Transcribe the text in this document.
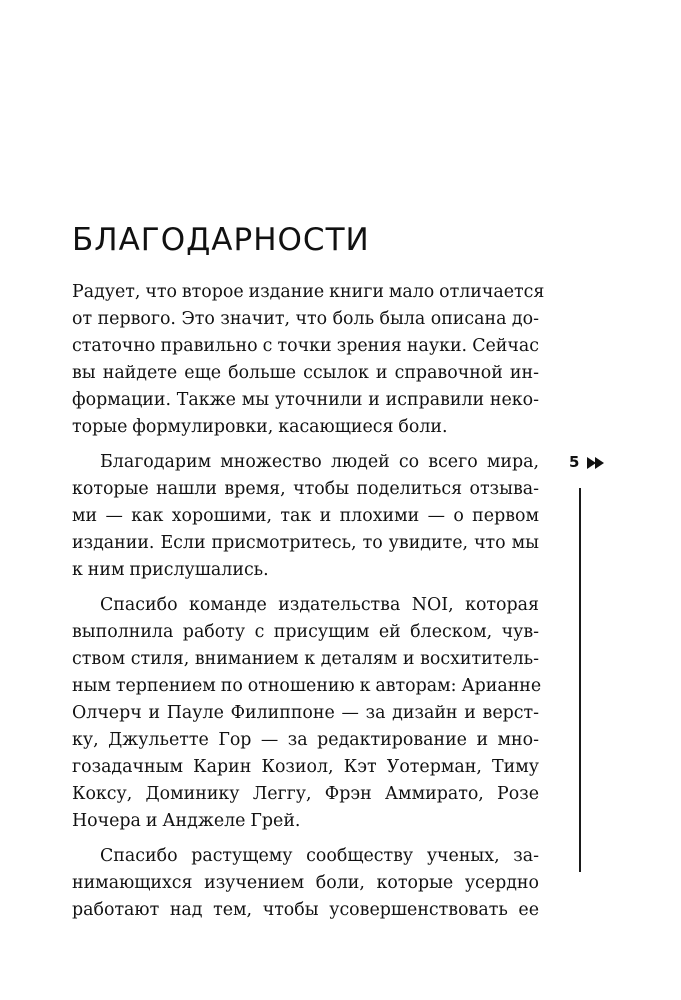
БЛАГОДАРНОСТИ
Радует, что второе издание книги мало отличается
от первого. Это значит, что боль была описана до-
статочно правильно с точки зрения науки. Сейчас
вы найдете еще больше ссылок и справочной ин-
формации. Также мы уточнили и исправили неко-
торые формулировки, касающиеся боли.
Благодарим множество людей со всего мира,
которые нашли время, чтобы поделиться отзыва-
ми — как хорошими, так и плохими — о первом
издании. Если присмотритесь, то увидите, что мы
к ним прислушались.
Спасибо команде издательства NOI, которая
выполнила работу с присущим ей блеском, чув-
ством стиля, вниманием к деталям и восхититель-
ным терпением по отношению к авторам: Арианне
Олчерч и Пауле Филиппоне — за дизайн и верст-
ку, Джульетте Гор — за редактирование и мно-
гозадачным Карин Козиол, Кэт Уотерман, Тиму
Коксу, Доминику Леггу, Фрэн Аммирато, Розе
Ночера и Анджеле Грей.
Спасибо растущему сообществу ученых, за-
нимающихся изучением боли, которые усердно
работают над тем, чтобы усовершенствовать ее
5
